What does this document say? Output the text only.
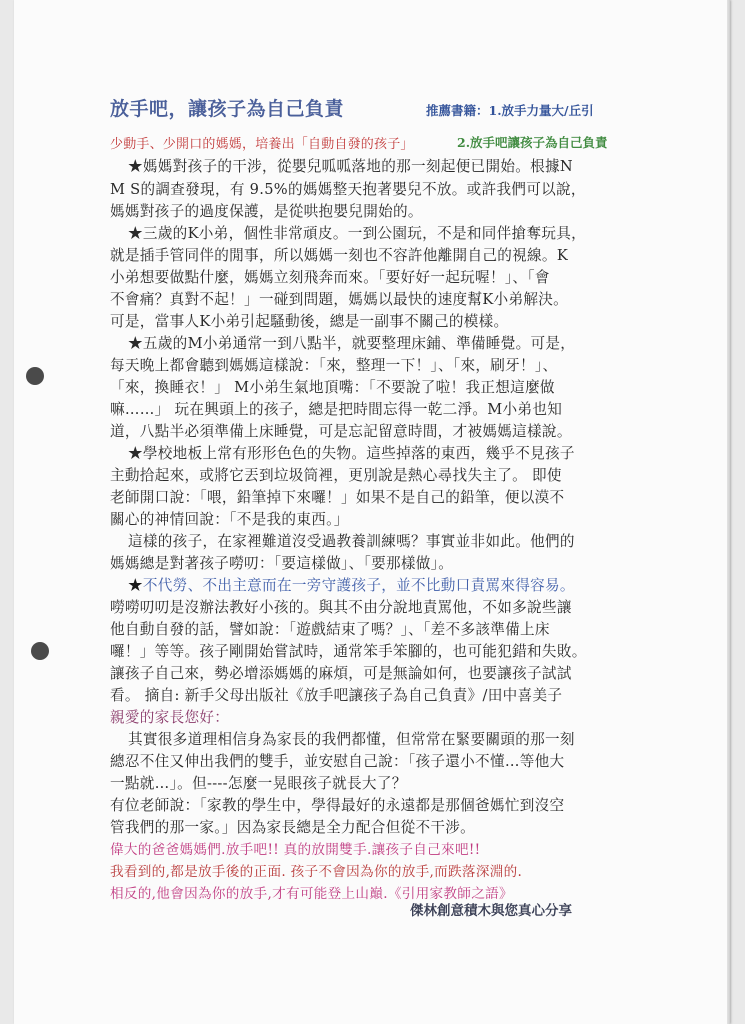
放手吧，讓孩子為自己負責	推薦書籍：1.放手力量大/丘引
少動手、少開口的媽媽，培養出「自動自發的孩子」	2.放手吧讓孩子為自己負責
★媽媽對孩子的干涉，從嬰兒呱呱落地的那一刻起便已開始。根據N
M S的調查發現，有 9.5%的媽媽整天抱著嬰兒不放。或許我們可以說，
媽媽對孩子的過度保護，是從哄抱嬰兒開始的。
★三歲的K小弟，個性非常頑皮。一到公園玩，不是和同伴搶奪玩具，
就是插手管同伴的閒事，所以媽媽一刻也不容許他離開自己的視線。K
小弟想要做點什麼，媽媽立刻飛奔而來。「要好好一起玩喔！」、「會
不會痛？真對不起！」一碰到問題，媽媽以最快的速度幫K小弟解決。
可是，當事人K小弟引起騷動後，總是一副事不關己的模樣。
★五歲的M小弟通常一到八點半，就要整理床鋪、準備睡覺。可是，
每天晚上都會聽到媽媽這樣說：「來，整理一下！」、「來，刷牙！」、
「來，換睡衣！」 M小弟生氣地頂嘴：「不要說了啦！我正想這麼做
嘛……」 玩在興頭上的孩子，總是把時間忘得一乾二淨。M小弟也知
道，八點半必須準備上床睡覺，可是忘記留意時間，才被媽媽這樣說。
★學校地板上常有形形色色的失物。這些掉落的東西，幾乎不見孩子
主動拾起來，或將它丟到垃圾筒裡，更別說是熱心尋找失主了。 即使
老師開口說：「喂，鉛筆掉下來囉！」如果不是自己的鉛筆，便以漠不
關心的神情回說：「不是我的東西。」
這樣的孩子，在家裡難道沒受過教養訓練嗎？事實並非如此。他們的
媽媽總是對著孩子嘮叨：「要這樣做」、「要那樣做」。
★不代勞、不出主意而在一旁守護孩子，並不比動口責罵來得容易。
嘮嘮叨叨是沒辦法教好小孩的。與其不由分說地責罵他，不如多說些讓
他自動自發的話，譬如說：「遊戲結束了嗎？」、「差不多該準備上床
囉！」等等。孩子剛開始嘗試時，通常笨手笨腳的，也可能犯錯和失敗。
讓孩子自己來，勢必增添媽媽的麻煩，可是無論如何，也要讓孩子試試
看。 摘自: 新手父母出版社《放手吧讓孩子為自己負責》/田中喜美子
親愛的家長您好：
其實很多道理相信身為家長的我們都懂，但常常在緊要關頭的那一刻
總忍不住又伸出我們的雙手，並安慰自己說：「孩子還小不懂…等他大
一點就…」。但----怎麼一晃眼孩子就長大了？
有位老師說：「家教的學生中，學得最好的永遠都是那個爸媽忙到沒空
管我們的那一家。」因為家長總是全力配合但從不干涉。
偉大的爸爸媽媽們.放手吧!! 真的放開雙手.讓孩子自己來吧!!
我看到的,都是放手後的正面. 孩子不會因為你的放手,而跌落深淵的.
相反的,他會因為你的放手,才有可能登上山巔.《引用家教師之語》
傑林創意積木與您真心分享
